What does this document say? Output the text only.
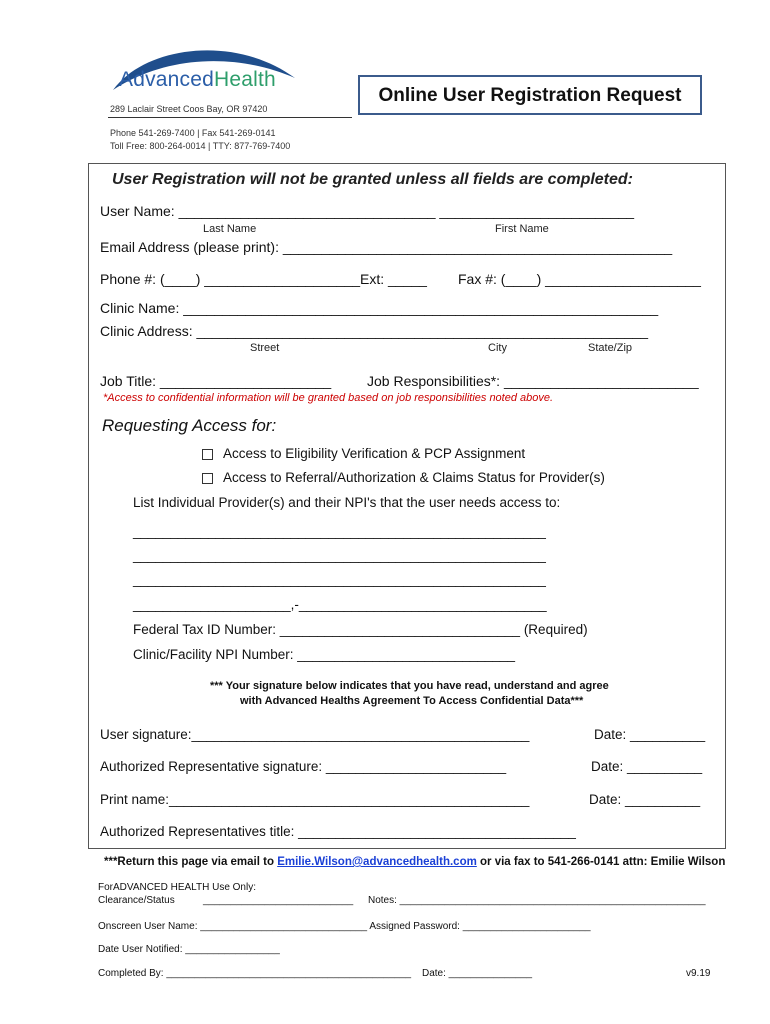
AdvancedHealth
289 Laclair Street Coos Bay, OR 97420
Phone 541-269-7400 | Fax 541-269-0141
Toll Free: 800-264-0014 | TTY: 877-769-7400
Online User Registration Request
User Registration will not be granted unless all fields are completed:
User Name: _________________________________ _________________________
Last Name	First Name
Email Address (please print): __________________________________________________
Phone #: (____) ____________________Ext: _____ Fax #: (____) ____________________
Clinic Name: _____________________________________________________________
Clinic Address: __________________________________________________________
Street	City	State/Zip
Job Title: ______________________	Job Responsibilities*: _________________________
*Access to confidential information will be granted based on job responsibilities noted above.
Requesting Access for:
Access to Eligibility Verification & PCP Assignment
Access to Referral/Authorization & Claims Status for Provider(s)
List Individual Provider(s) and their NPI's that the user needs access to:
_______________________________________________________
_______________________________________________________
_______________________________________________________
_____________________,-_________________________________
Federal Tax ID Number: ________________________________ (Required)
Clinic/Facility NPI Number: _____________________________
*** Your signature below indicates that you have read, understand and agree
with Advanced Healths Agreement To Access Confidential Data***
User signature:_____________________________________________	Date: __________
Authorized Representative signature: ________________________	Date: __________
Print name:________________________________________________	Date: __________
Authorized Representatives title: _____________________________________
***Return this page via email to Emilie.Wilson@advancedhealth.com or via fax to 541-266-0141 attn: Emilie Wilson
ForADVANCED HEALTH Use Only:
Clearance/Status	___________________________ Notes: _______________________________________________________
Onscreen User Name: ______________________________ Assigned Password: _______________________
Date User Notified: _________________
Completed By: ____________________________________________ Date: _______________	v9.19
